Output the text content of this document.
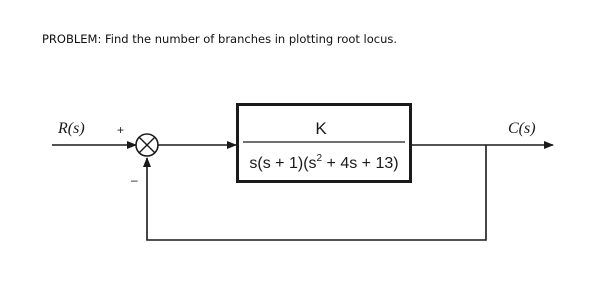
PROBLEM: Find the number of branches in plotting root locus.
R(s)	+
–
K
$s(s + 1)(s^2 + 4s + 13)$
C(s)
